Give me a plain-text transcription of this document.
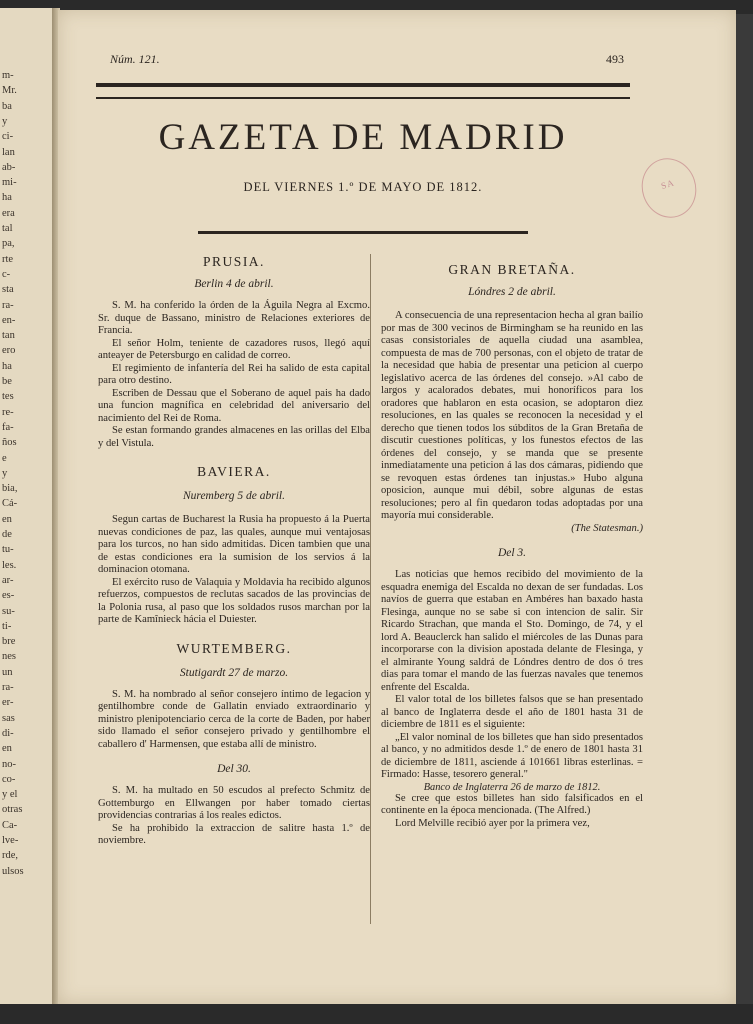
m-
Mr.
ba
y
ci-
lan
ab-
mi-
ha
era
tal
pa,
rte
c-
sta
ra-
en-
tan
ero
ha
be
tes
re-
fa-
ños
e
y
bia,
Cá-
en
de
tu-
les.
ar-
es-
su-
ti-
bre
nes
un
ra-
er-
sas
di-
en
no-
co-
y el
otras
Ca-
lve-
rde,
ulsos
Núm. 121.	493
GAZETA DE MADRID
DEL VIERNES 1.º DE MAYO DE 1812.	SA

PRUSIA.

Berlin 4 de abril.

S. M. ha conferido la órden de la Águila Negra al Excmo. Sr. duque de Bassano, ministro de Relaciones exteriores de Francia.

El señor Holm, teniente de cazadores rusos, llegó aquí anteayer de Petersburgo en calidad de correo.

El regimiento de infantería del Rei ha salido de esta capital para otro destino.

Escriben de Dessau que el Soberano de aquel pais ha dado una funcion magnífica en celebridad del aniversario del nacimiento del Rei de Roma.

Se estan formando grandes almacenes en las orillas del Elba y del Vistula.

BAVIERA.

Nuremberg 5 de abril.

Segun cartas de Bucharest la Rusia ha propuesto á la Puerta nuevas condiciones de paz, las quales, aunque mui ventajosas para los turcos, no han sido admitidas. Dicen tambien que una de estas condiciones era la sumision de los servios á la dominacion otomana.

El exército ruso de Valaquia y Moldavia ha recibido algunos refuerzos, compuestos de reclutas sacados de las provincias de la Polonia rusa, al paso que los soldados rusos marchan por la parte de Kamînieck hácia el Duiester.

WURTEMBERG.

Stutigardt 27 de marzo.

S. M. ha nombrado al señor consejero íntimo de legacion y gentilhombre conde de Gallatin enviado extraordinario y ministro plenipotenciario cerca de la corte de Baden, por haber sido llamado el señor consejero privado y gentilhombre el caballero d' Harmensen, que estaba allí de ministro.

Del 30.

S. M. ha multado en 50 escudos al prefecto Schmitz de Gottemburgo en Ellwangen por haber tomado ciertas providencias contrarias á los reales edictos.

Se ha prohibido la extraccion de salitre hasta 1.º de noviembre.

GRAN BRETAÑA.

Lóndres 2 de abril.

A consecuencia de una representacion hecha al gran bailío por mas de 300 vecinos de Birmingham se ha reunido en las casas consistoriales de aquella ciudad una asamblea, compuesta de mas de 700 personas, con el objeto de tratar de la necesidad que habia de presentar una peticion al cuerpo legislativo acerca de las órdenes del consejo. »Al cabo de largos y acalorados debates, mui honoríficos para los oradores que hablaron en esta ocasion, se adoptaron diez resoluciones, en las quales se reconocen la necesidad y el derecho que tienen todos los súbditos de la Gran Bretaña de discutir cuestiones políticas, y los funestos efectos de las órdenes del consejo, y se manda que se presente inmediatamente una peticion á las dos cámaras, pidiendo que se revoquen estas órdenes tan injustas.» Hubo alguna oposicion, aunque mui débil, sobre algunas de estas resoluciones; pero al fin quedaron todas adoptadas por una mayoría mui considerable.

(The Statesman.)

Del 3.

Las noticias que hemos recibido del movimiento de la esquadra enemiga del Escalda no dexan de ser fundadas. Los navíos de guerra que estaban en Ambéres han baxado hasta Flesinga, aunque no se sabe si con intencion de salir. Sir Ricardo Strachan, que manda el Sto. Domingo, de 74, y el lord A. Beauclerck han salido el miércoles de las Dunas para incorporarse con la division apostada delante de Flesinga, y el almirante Young saldrá de Lóndres dentro de dos ó tres dias para tomar el mando de las fuerzas navales que tenemos enfrente del Escalda.

El valor total de los billetes falsos que se han presentado al banco de Inglaterra desde el año de 1801 hasta 31 de diciembre de 1811 es el siguiente:

„El valor nominal de los billetes que han sido presentados al banco, y no admitidos desde 1.º de enero de 1801 hasta 31 de diciembre de 1811, asciende á 101661 libras esterlinas. = Firmado: Hasse, tesorero general."

Banco de Inglaterra 26 de marzo de 1812.

Se cree que estos billetes han sido falsificados en el continente en la época mencionada. (The Alfred.)

Lord Melville recibió ayer por la primera vez,
